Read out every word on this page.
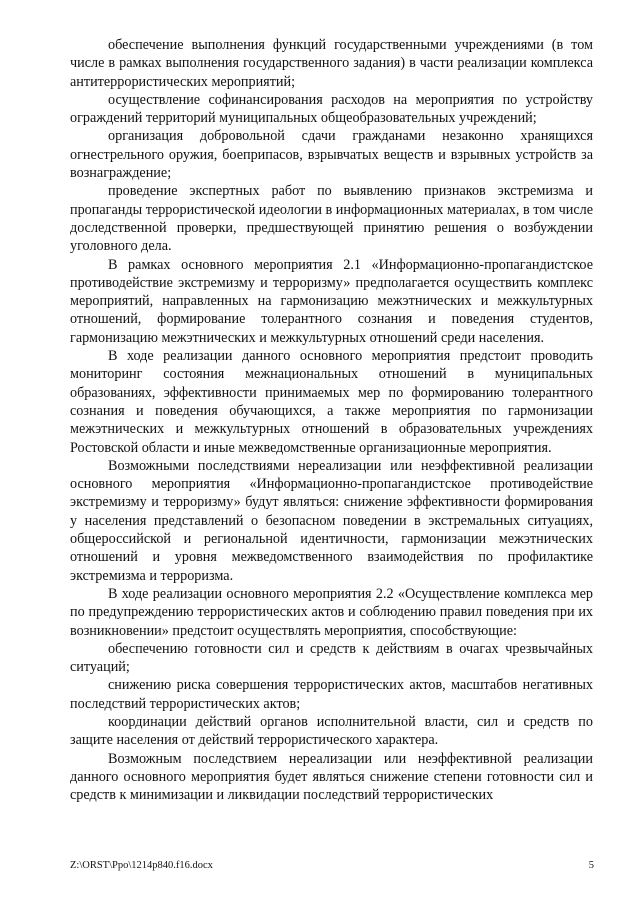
обеспечение выполнения функций государственными учреждениями (в том числе в рамках выполнения государственного задания) в части реализации комплекса антитеррористических мероприятий;

осуществление софинансирования расходов на мероприятия по устройству ограждений территорий муниципальных общеобразовательных учреждений;

организация добровольной сдачи гражданами незаконно хранящихся огнестрельного оружия, боеприпасов, взрывчатых веществ и взрывных устройств за вознаграждение;

проведение экспертных работ по выявлению признаков экстремизма и пропаганды террористической идеологии в информационных материалах, в том числе доследственной проверки, предшествующей принятию решения о возбуждении уголовного дела.

В рамках основного мероприятия 2.1 «Информационно-пропагандистское противодействие экстремизму и терроризму» предполагается осуществить комплекс мероприятий, направленных на гармонизацию межэтнических и межкультурных отношений, формирование толерантного сознания и поведения студентов, гармонизацию межэтнических и межкультурных отношений среди населения.

В ходе реализации данного основного мероприятия предстоит проводить мониторинг состояния межнациональных отношений в муниципальных образованиях, эффективности принимаемых мер по формированию толерантного сознания и поведения обучающихся, а также мероприятия по гармонизации межэтнических и межкультурных отношений в образовательных учреждениях Ростовской области и иные межведомственные организационные мероприятия.

Возможными последствиями нереализации или неэффективной реализации основного мероприятия «Информационно-пропагандистское противодействие экстремизму и терроризму» будут являться: снижение эффективности формирования у населения представлений о безопасном поведении в экстремальных ситуациях, общероссийской и региональной идентичности, гармонизации межэтнических отношений и уровня межведомственного взаимодействия по профилактике экстремизма и терроризма.

В ходе реализации основного мероприятия 2.2 «Осуществление комплекса мер по предупреждению террористических актов и соблюдению правил поведения при их возникновении» предстоит осуществлять мероприятия, способствующие:

обеспечению готовности сил и средств к действиям в очагах чрезвычайных ситуаций;

снижению риска совершения террористических актов, масштабов негативных последствий террористических актов;

координации действий органов исполнительной власти, сил и средств по защите населения от действий террористического характера.

Возможным последствием нереализации или неэффективной реализации данного основного мероприятия будет являться снижение степени готовности сил и средств к минимизации и ликвидации последствий террористических

Z:\ORST\Ppo\1214p840.f16.docx	5
